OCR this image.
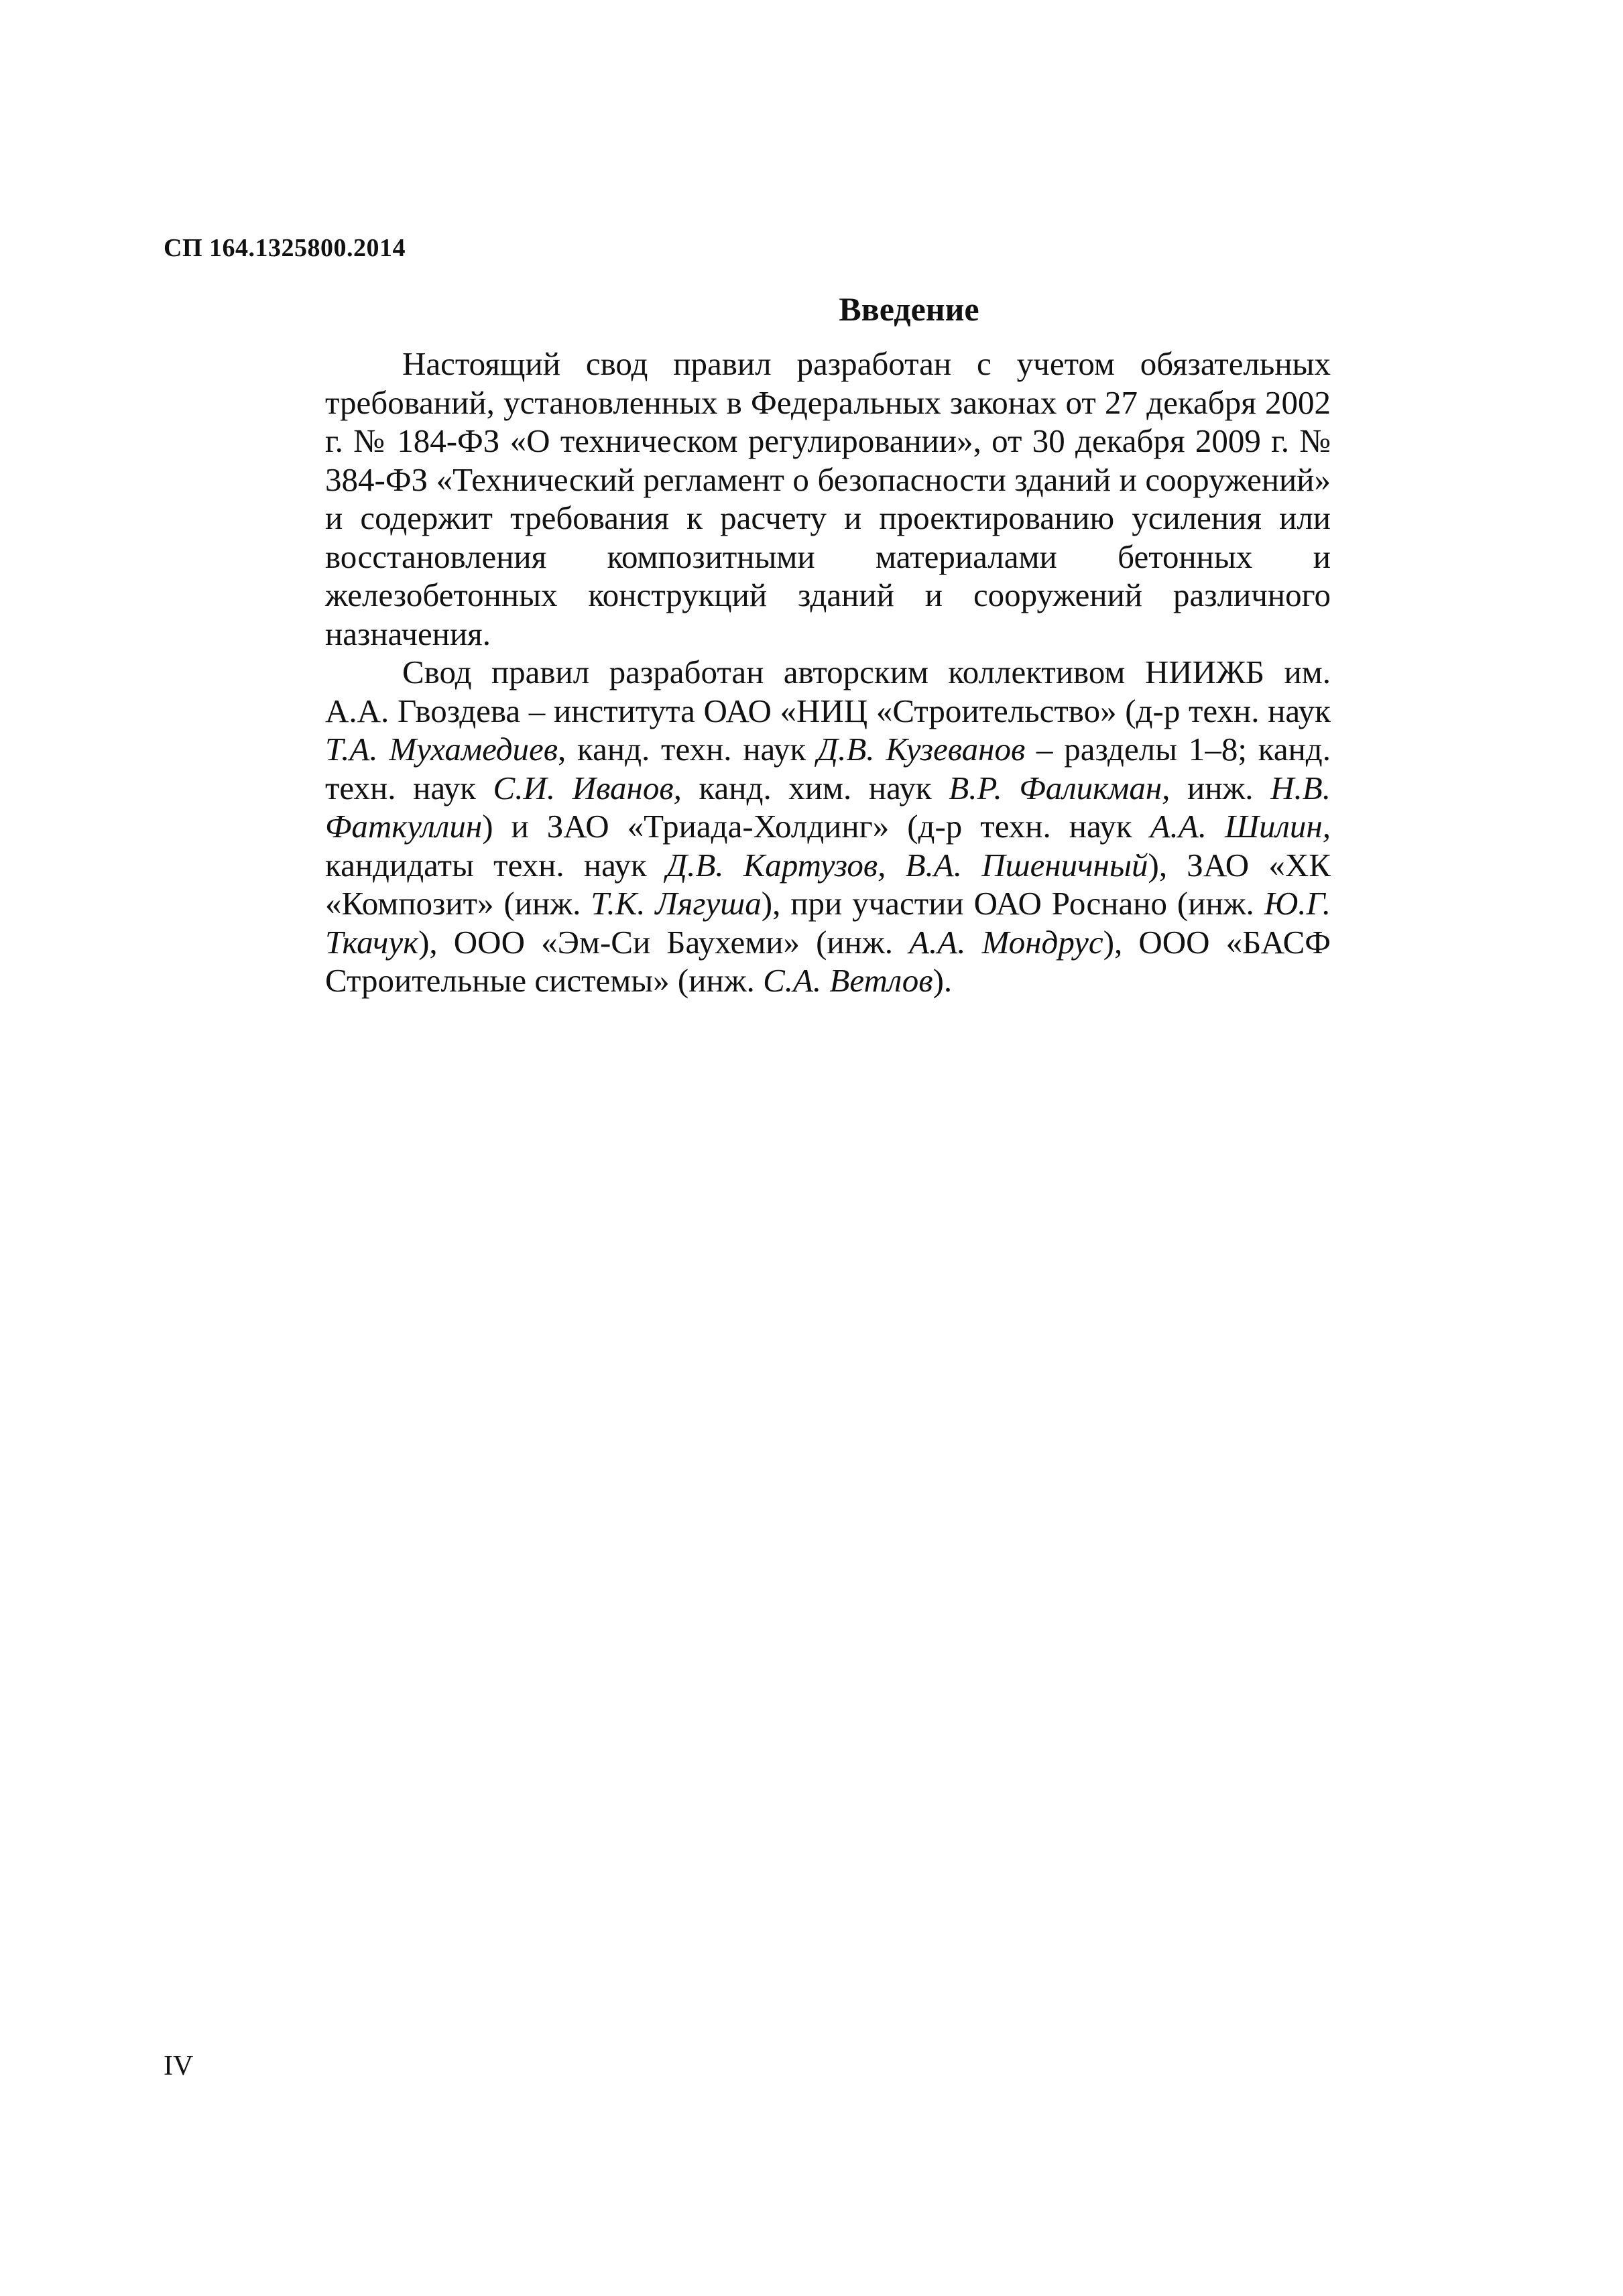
СП 164.1325800.2014
Введение

Настоящий свод правил разработан с учетом обязательных требований, установленных в Федеральных законах от 27 декабря 2002 г. № 184-ФЗ «О техническом регулировании», от 30 декабря 2009 г. № 384-ФЗ «Технический регламент о безопасности зданий и сооружений» и содержит требования к расчету и проектированию усиления или восстановления композитными материалами бетонных и железобетонных конструкций зданий и сооружений различного назначения.

Свод правил разработан авторским коллективом НИИЖБ им. А.А. Гвоздева – института ОАО «НИЦ «Строительство» (д-р техн. наук Т.А. Мухамедиев, канд. техн. наук Д.В. Кузеванов – разделы 1–8; канд. техн. наук С.И. Иванов, канд. хим. наук В.Р. Фаликман, инж. Н.В. Фаткуллин) и ЗАО «Триада-Холдинг» (д-р техн. наук А.А. Шилин, кандидаты техн. наук Д.В. Картузов, В.А. Пшеничный), ЗАО «ХК «Композит» (инж. Т.К. Лягуша), при участии ОАО Роснано (инж. Ю.Г. Ткачук), ООО «Эм-Си Баухеми» (инж. А.А. Мондрус), ООО «БАСФ Строительные системы» (инж. С.А. Ветлов).

IV
